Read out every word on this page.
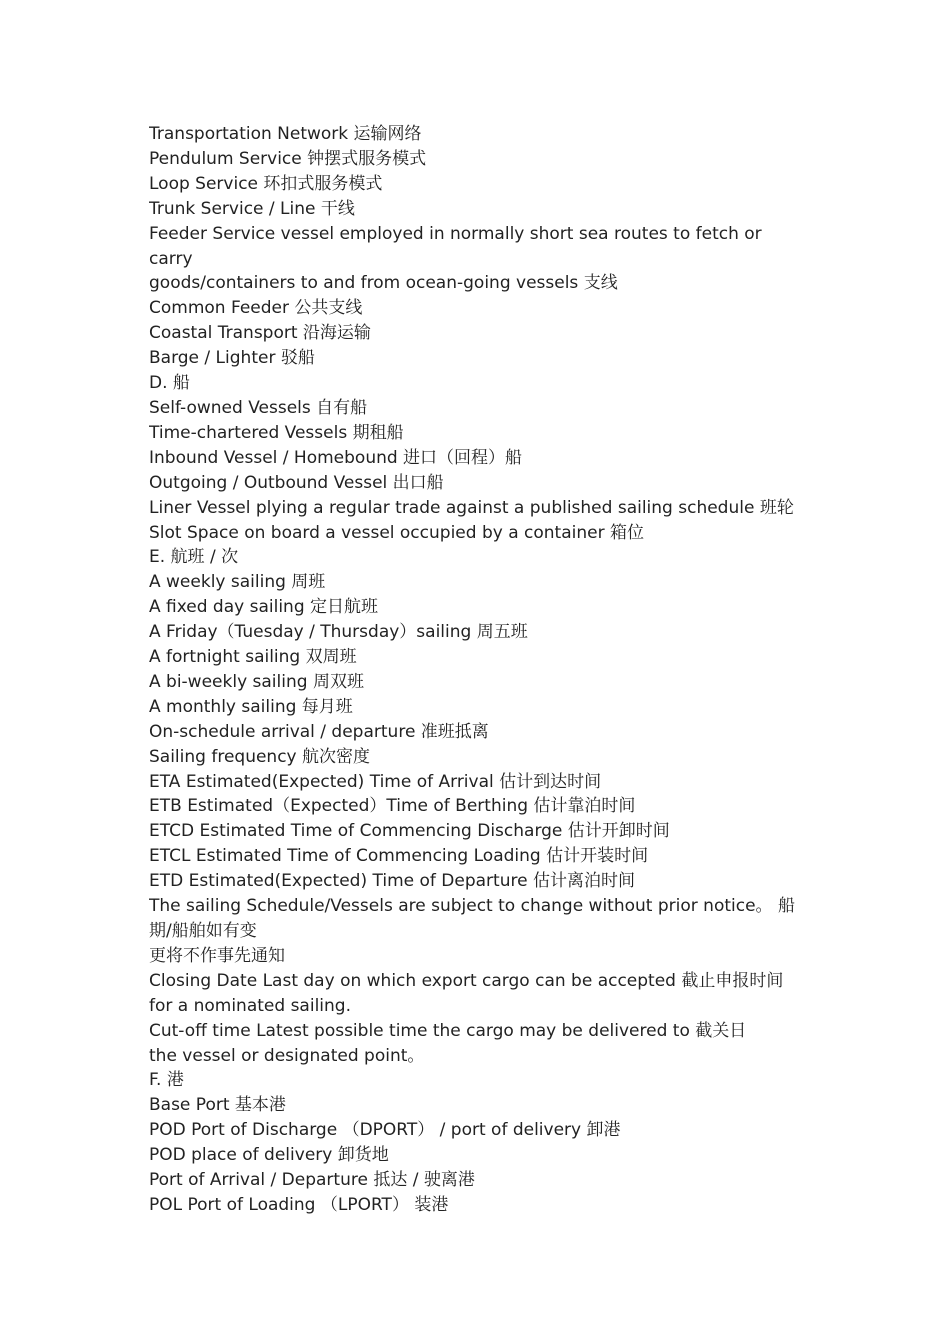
Transportation Network 运输网络
Pendulum Service 钟摆式服务模式
Loop Service 环扣式服务模式
Trunk Service / Line 干线
Feeder Service vessel employed in normally short sea routes to fetch or
carry
goods/containers to and from ocean-going vessels 支线
Common Feeder 公共支线
Coastal Transport 沿海运输
Barge / Lighter 驳船
D. 船
Self-owned Vessels 自有船
Time-chartered Vessels 期租船
Inbound Vessel / Homebound 进口（回程）船
Outgoing / Outbound Vessel 出口船
Liner Vessel plying a regular trade against a published sailing schedule 班轮
Slot Space on board a vessel occupied by a container 箱位
E. 航班 / 次
A weekly sailing 周班
A fixed day sailing 定日航班
A Friday（Tuesday / Thursday）sailing 周五班
A fortnight sailing 双周班
A bi-weekly sailing 周双班
A monthly sailing 每月班
On-schedule arrival / departure 准班抵离
Sailing frequency 航次密度
ETA Estimated(Expected) Time of Arrival 估计到达时间
ETB Estimated（Expected）Time of Berthing 估计靠泊时间
ETCD Estimated Time of Commencing Discharge 估计开卸时间
ETCL Estimated Time of Commencing Loading 估计开装时间
ETD Estimated(Expected) Time of Departure 估计离泊时间
The sailing Schedule/Vessels are subject to change without prior notice。 船
期/船舶如有变
更将不作事先通知
Closing Date Last day on which export cargo can be accepted 截止申报时间
for a nominated sailing.
Cut-off time Latest possible time the cargo may be delivered to 截关日
the vessel or designated point。
F. 港
Base Port 基本港
POD Port of Discharge （DPORT） / port of delivery 卸港
POD place of delivery 卸货地
Port of Arrival / Departure 抵达 / 驶离港
POL Port of Loading （LPORT） 装港
